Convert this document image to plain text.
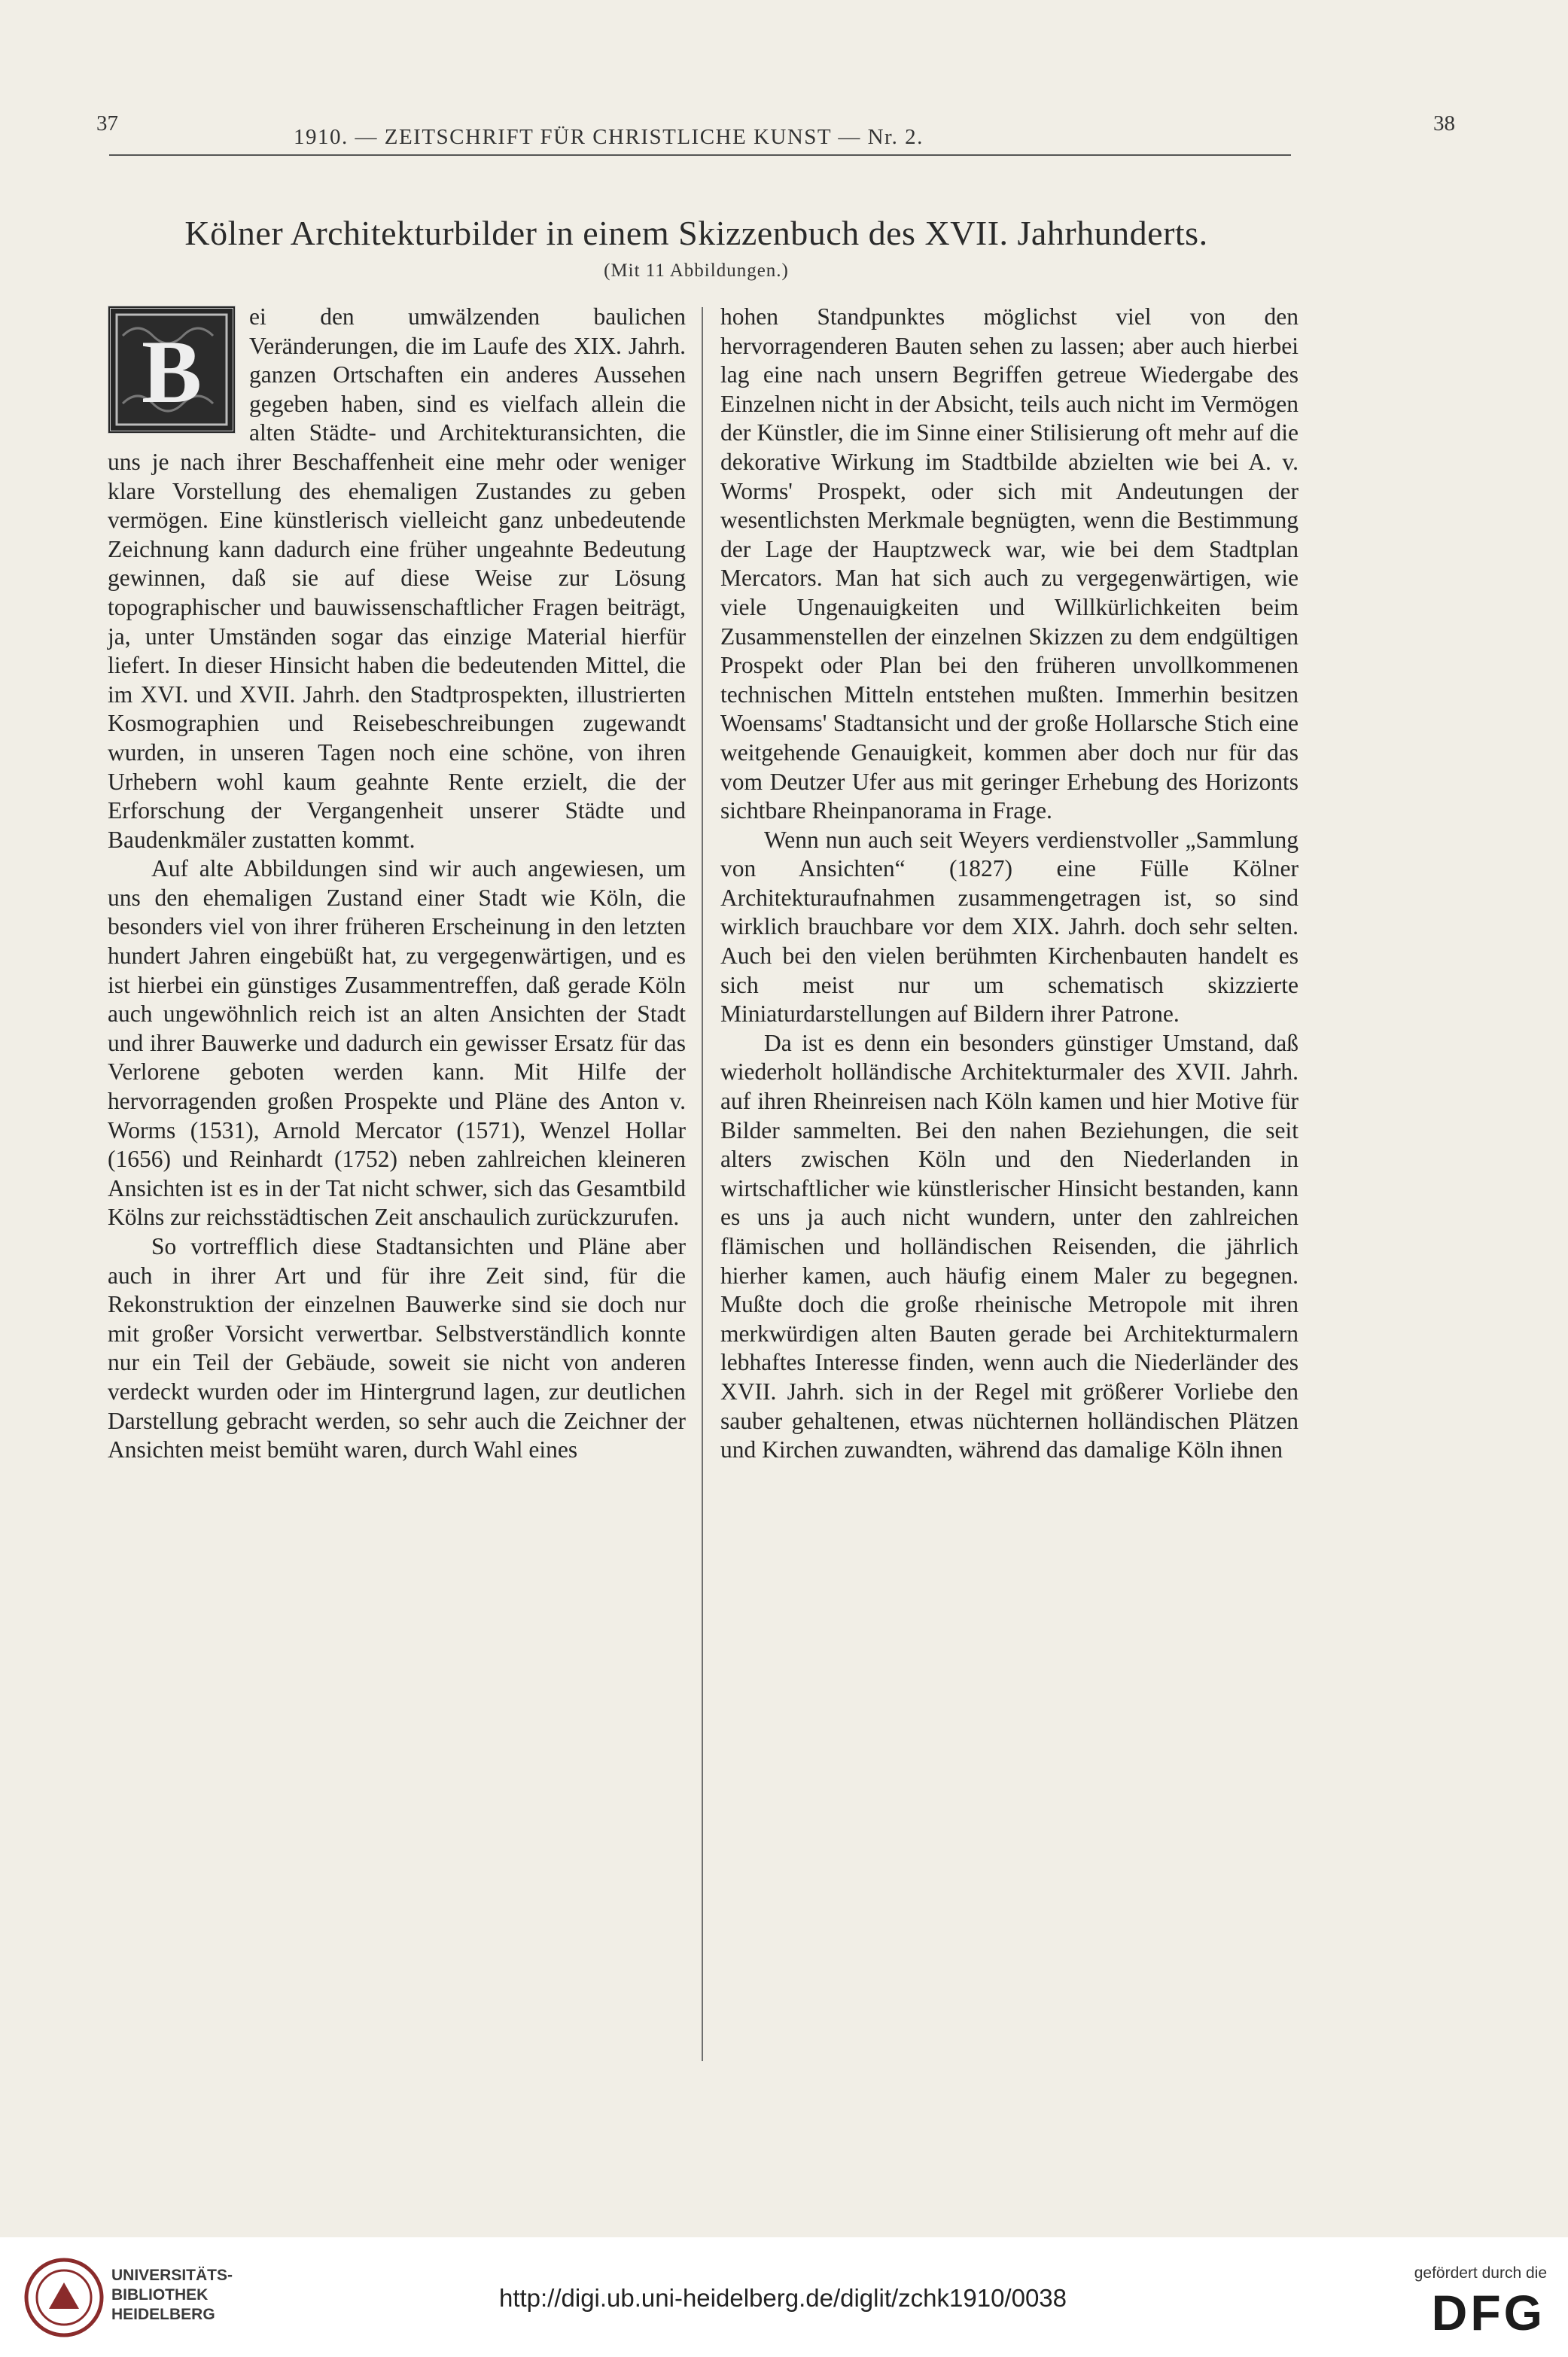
37
1910. — ZEITSCHRIFT FÜR CHRISTLICHE KUNST — Nr. 2.
38
Kölner Architekturbilder in einem Skizzenbuch des XVII. Jahrhunderts.
(Mit 11 Abbildungen.)

B
ei den umwälzenden baulichen Veränderungen, die im Laufe des XIX. Jahrh. ganzen Ortschaften ein anderes Aussehen gegeben haben, sind es vielfach allein die alten Städte- und Architekturansichten, die uns je nach ihrer Beschaffenheit eine mehr oder weniger klare Vorstellung des ehemaligen Zustandes zu geben vermögen. Eine künstlerisch vielleicht ganz unbedeutende Zeichnung kann dadurch eine früher ungeahnte Bedeutung gewinnen, daß sie auf diese Weise zur Lösung topographischer und bauwissenschaftlicher Fragen beiträgt, ja, unter Umständen sogar das einzige Material hierfür liefert. In dieser Hinsicht haben die bedeutenden Mittel, die im XVI. und XVII. Jahrh. den Stadtprospekten, illustrierten Kosmographien und Reisebeschreibungen zugewandt wurden, in unseren Tagen noch eine schöne, von ihren Urhebern wohl kaum geahnte Rente erzielt, die der Erforschung der Vergangenheit unserer Städte und Baudenkmäler zustatten kommt.

Auf alte Abbildungen sind wir auch angewiesen, um uns den ehemaligen Zustand einer Stadt wie Köln, die besonders viel von ihrer früheren Erscheinung in den letzten hundert Jahren eingebüßt hat, zu vergegenwärtigen, und es ist hierbei ein günstiges Zusammentreffen, daß gerade Köln auch ungewöhnlich reich ist an alten Ansichten der Stadt und ihrer Bauwerke und dadurch ein gewisser Ersatz für das Verlorene geboten werden kann. Mit Hilfe der hervorragenden großen Prospekte und Pläne des Anton v. Worms (1531), Arnold Mercator (1571), Wenzel Hollar (1656) und Reinhardt (1752) neben zahlreichen kleineren Ansichten ist es in der Tat nicht schwer, sich das Gesamtbild Kölns zur reichsstädtischen Zeit anschaulich zurückzurufen.

So vortrefflich diese Stadtansichten und Pläne aber auch in ihrer Art und für ihre Zeit sind, für die Rekonstruktion der einzelnen Bauwerke sind sie doch nur mit großer Vorsicht verwertbar. Selbstverständlich konnte nur ein Teil der Gebäude, soweit sie nicht von anderen verdeckt wurden oder im Hintergrund lagen, zur deutlichen Darstellung gebracht werden, so sehr auch die Zeichner der Ansichten meist bemüht waren, durch Wahl eines

hohen Standpunktes möglichst viel von den hervorragenderen Bauten sehen zu lassen; aber auch hierbei lag eine nach unsern Begriffen getreue Wiedergabe des Einzelnen nicht in der Absicht, teils auch nicht im Vermögen der Künstler, die im Sinne einer Stilisierung oft mehr auf die dekorative Wirkung im Stadtbilde abzielten wie bei A. v. Worms' Prospekt, oder sich mit Andeutungen der wesentlichsten Merkmale begnügten, wenn die Bestimmung der Lage der Hauptzweck war, wie bei dem Stadtplan Mercators. Man hat sich auch zu vergegenwärtigen, wie viele Ungenauigkeiten und Willkürlichkeiten beim Zusammenstellen der einzelnen Skizzen zu dem endgültigen Prospekt oder Plan bei den früheren unvollkommenen technischen Mitteln entstehen mußten. Immerhin besitzen Woensams' Stadtansicht und der große Hollarsche Stich eine weitgehende Genauigkeit, kommen aber doch nur für das vom Deutzer Ufer aus mit geringer Erhebung des Horizonts sichtbare Rheinpanorama in Frage.

Wenn nun auch seit Weyers verdienstvoller „Sammlung von Ansichten“ (1827) eine Fülle Kölner Architekturaufnahmen zusammengetragen ist, so sind wirklich brauchbare vor dem XIX. Jahrh. doch sehr selten. Auch bei den vielen berühmten Kirchenbauten handelt es sich meist nur um schematisch skizzierte Miniaturdarstellungen auf Bildern ihrer Patrone.

Da ist es denn ein besonders günstiger Umstand, daß wiederholt holländische Architekturmaler des XVII. Jahrh. auf ihren Rheinreisen nach Köln kamen und hier Motive für Bilder sammelten. Bei den nahen Beziehungen, die seit alters zwischen Köln und den Niederlanden in wirtschaftlicher wie künstlerischer Hinsicht bestanden, kann es uns ja auch nicht wundern, unter den zahlreichen flämischen und holländischen Reisenden, die jährlich hierher kamen, auch häufig einem Maler zu begegnen. Mußte doch die große rheinische Metropole mit ihren merkwürdigen alten Bauten gerade bei Architekturmalern lebhaftes Interesse finden, wenn auch die Niederländer des XVII. Jahrh. sich in der Regel mit größerer Vorliebe den sauber gehaltenen, etwas nüchternen holländischen Plätzen und Kirchen zuwandten, während das damalige Köln ihnen

UNIVERSITÄTS-
BIBLIOTHEK
HEIDELBERG
http://digi.ub.uni-heidelberg.de/diglit/zchk1910/0038
gefördert durch die
DFG
